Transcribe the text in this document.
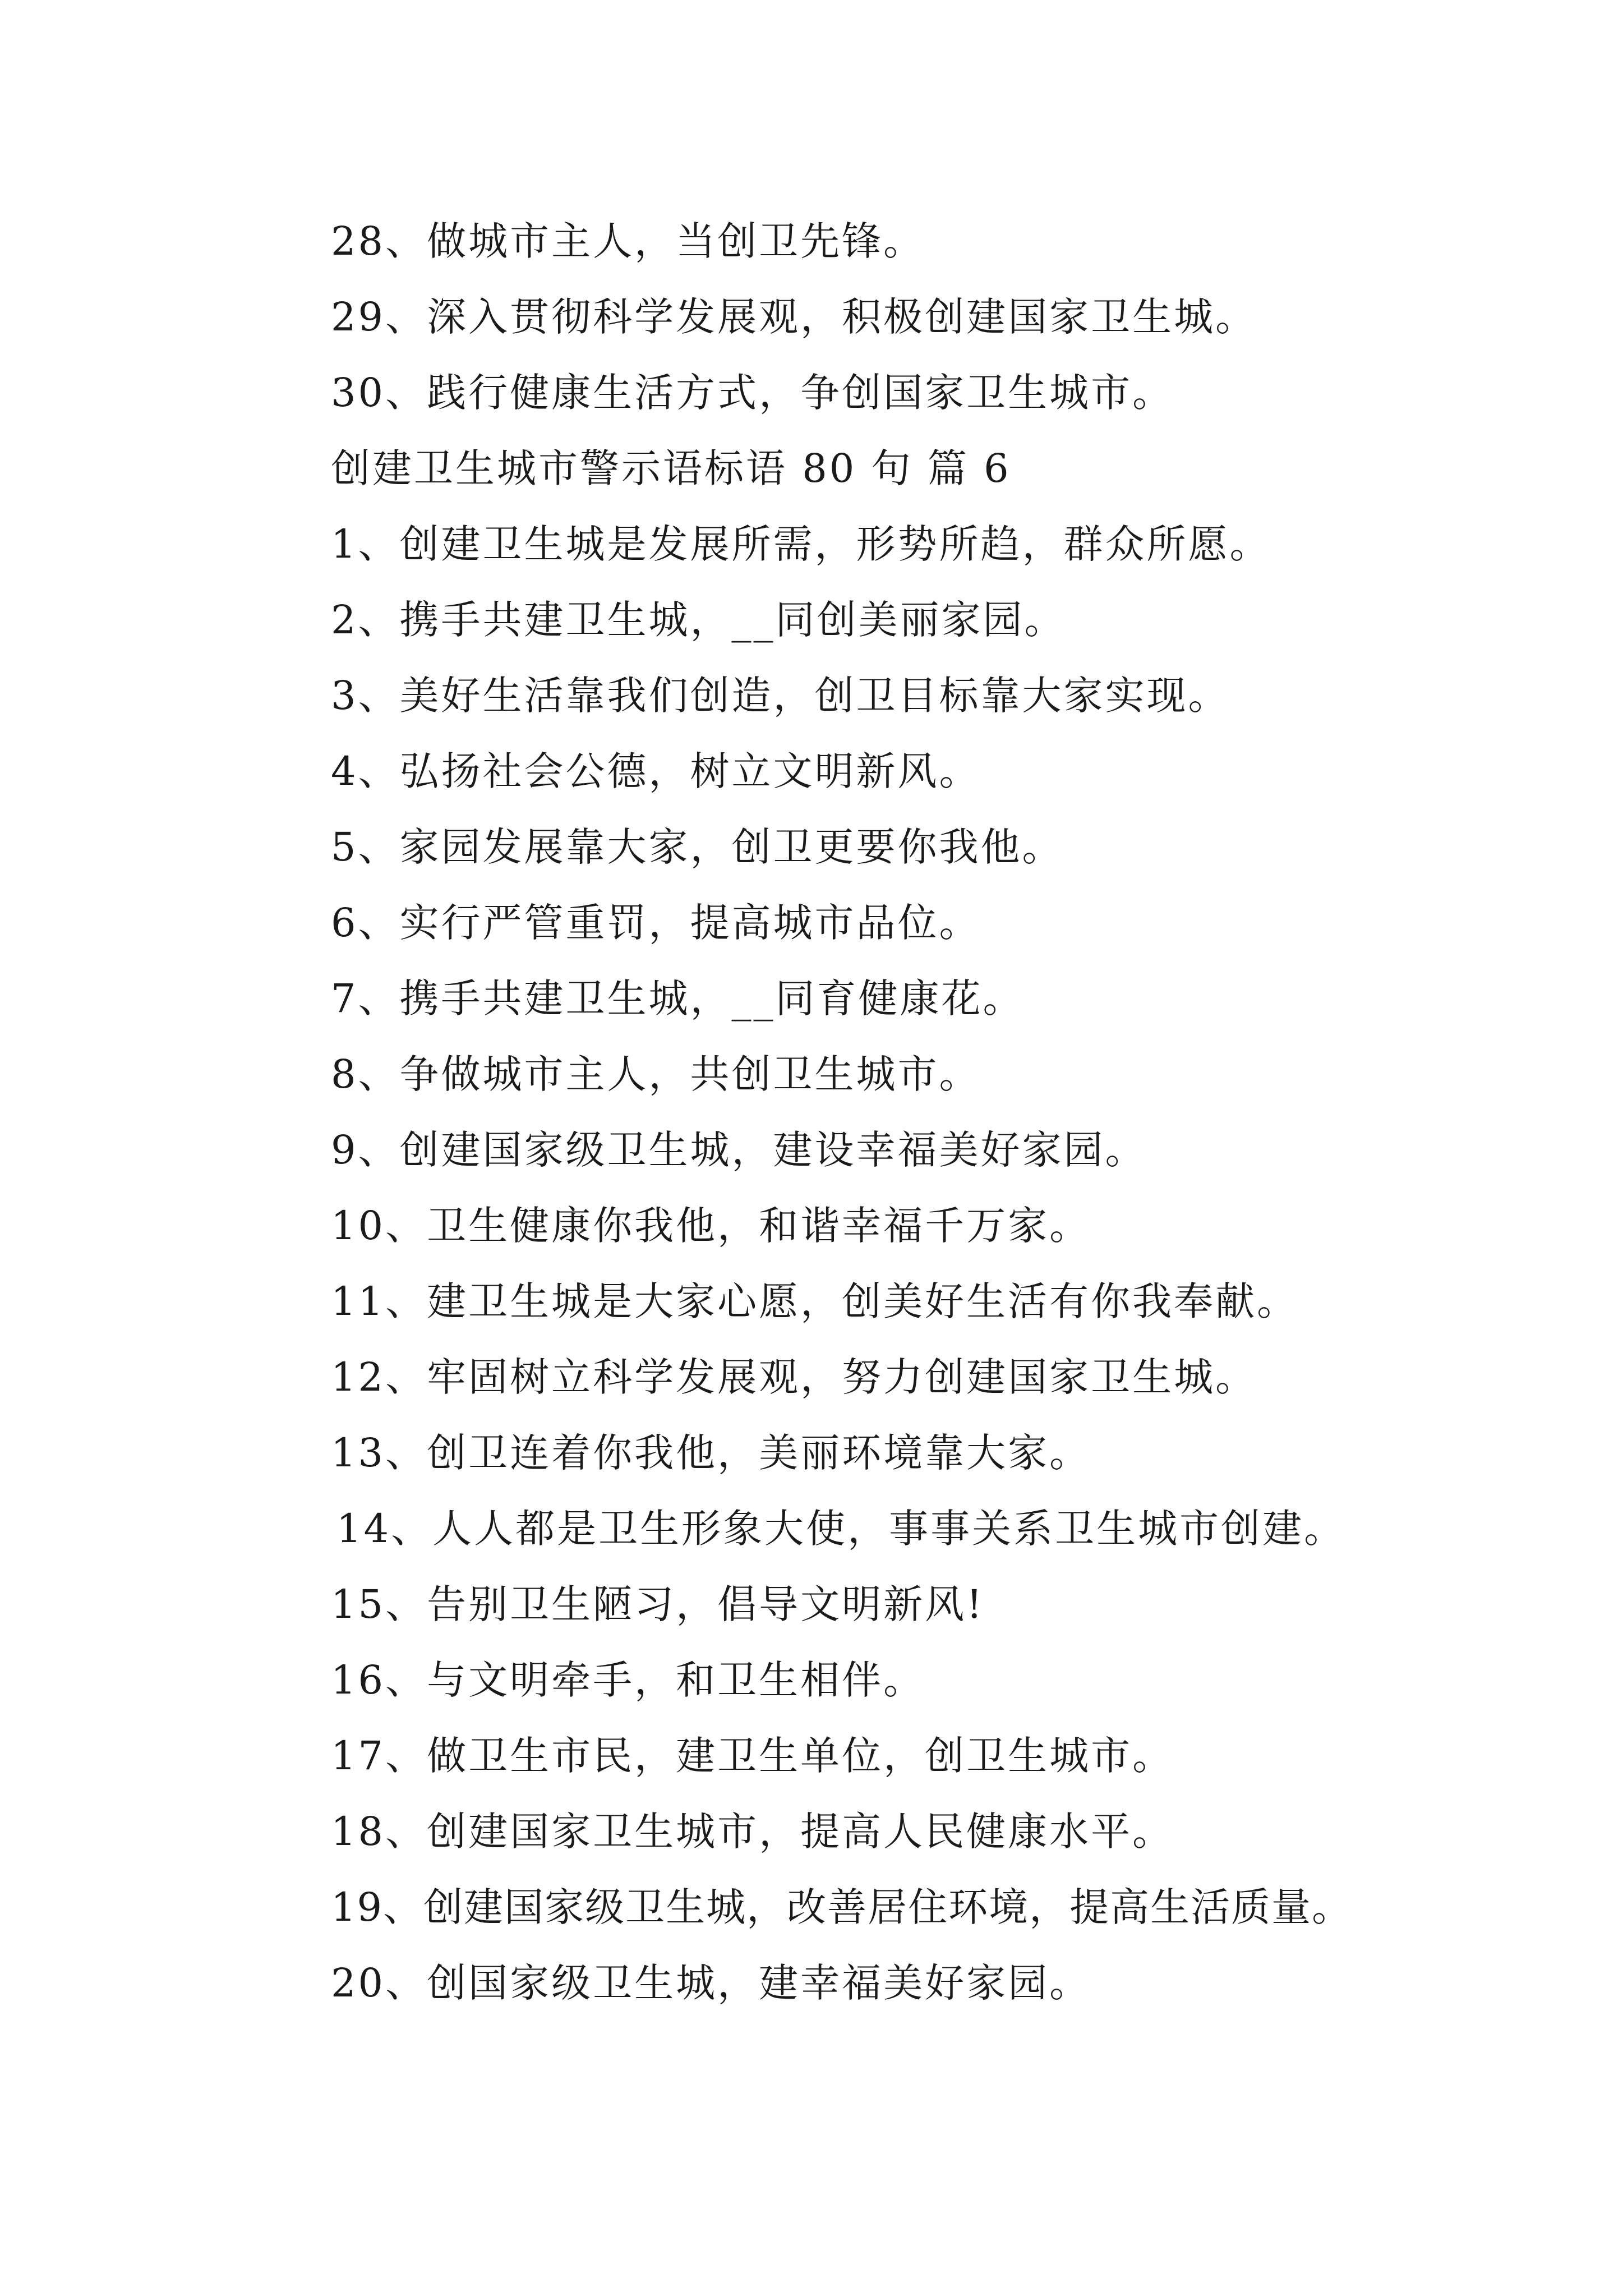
28、做城市主人，当创卫先锋。
29、深入贯彻科学发展观，积极创建国家卫生城。
30、践行健康生活方式，争创国家卫生城市。
创建卫生城市警示语标语 80 句 篇 6
1、创建卫生城是发展所需，形势所趋，群众所愿。
2、携手共建卫生城，__同创美丽家园。
3、美好生活靠我们创造，创卫目标靠大家实现。
4、弘扬社会公德，树立文明新风。
5、家园发展靠大家，创卫更要你我他。
6、实行严管重罚，提高城市品位。
7、携手共建卫生城，__同育健康花。
8、争做城市主人，共创卫生城市。
9、创建国家级卫生城，建设幸福美好家园。
10、卫生健康你我他，和谐幸福千万家。
11、建卫生城是大家心愿，创美好生活有你我奉献。
12、牢固树立科学发展观，努力创建国家卫生城。
13、创卫连着你我他，美丽环境靠大家。
14、人人都是卫生形象大使，事事关系卫生城市创建。
15、告别卫生陋习，倡导文明新风!
16、与文明牵手，和卫生相伴。
17、做卫生市民，建卫生单位，创卫生城市。
18、创建国家卫生城市，提高人民健康水平。
19、创建国家级卫生城，改善居住环境，提高生活质量。
20、创国家级卫生城，建幸福美好家园。
